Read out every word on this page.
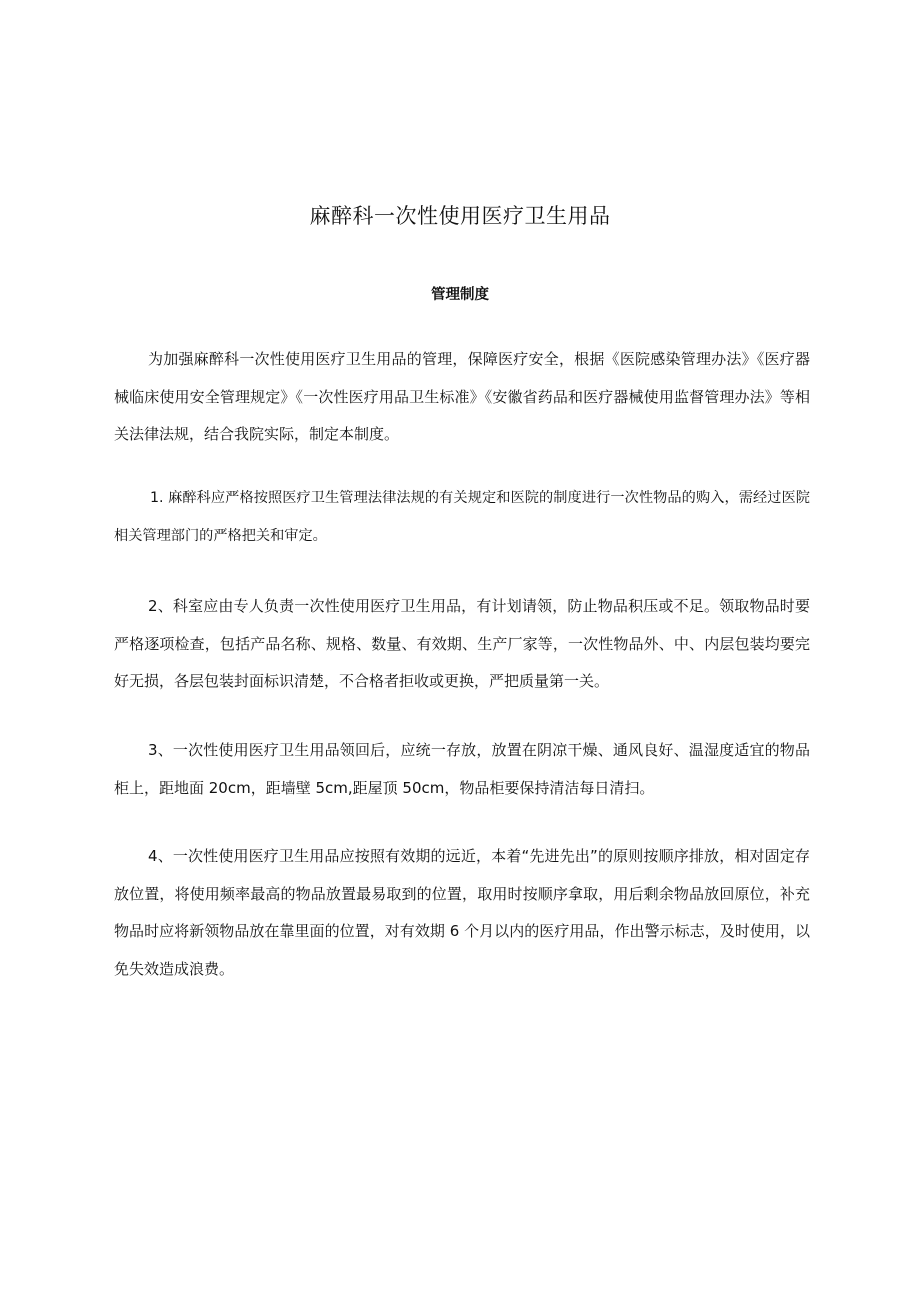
麻醉科一次性使用医疗卫生用品
管理制度

为加强麻醉科一次性使用医疗卫生用品的管理，保障医疗安全，根据《医院感染管理办法》《医疗器械临床使用安全管理规定》《一次性医疗用品卫生标准》《安徽省药品和医疗器械使用监督管理办法》等相关法律法规，结合我院实际，制定本制度。

1. 麻醉科应严格按照医疗卫生管理法律法规的有关规定和医院的制度进行一次性物品的购入，需经过医院相关管理部门的严格把关和审定。

2、科室应由专人负责一次性使用医疗卫生用品，有计划请领，防止物品积压或不足。领取物品时要严格逐项检查，包括产品名称、规格、数量、有效期、生产厂家等，一次性物品外、中、内层包装均要完好无损，各层包装封面标识清楚，不合格者拒收或更换，严把质量第一关。

3、一次性使用医疗卫生用品领回后，应统一存放，放置在阴凉干燥、通风良好、温湿度适宜的物品柜上，距地面 20cm，距墙壁 5cm,距屋顶 50cm，物品柜要保持清洁每日清扫。

4、一次性使用医疗卫生用品应按照有效期的远近，本着“先进先出”的原则按顺序排放，相对固定存放位置，将使用频率最高的物品放置最易取到的位置，取用时按顺序拿取，用后剩余物品放回原位，补充物品时应将新领物品放在靠里面的位置，对有效期 6 个月以内的医疗用品，作出警示标志，及时使用，以免失效造成浪费。
